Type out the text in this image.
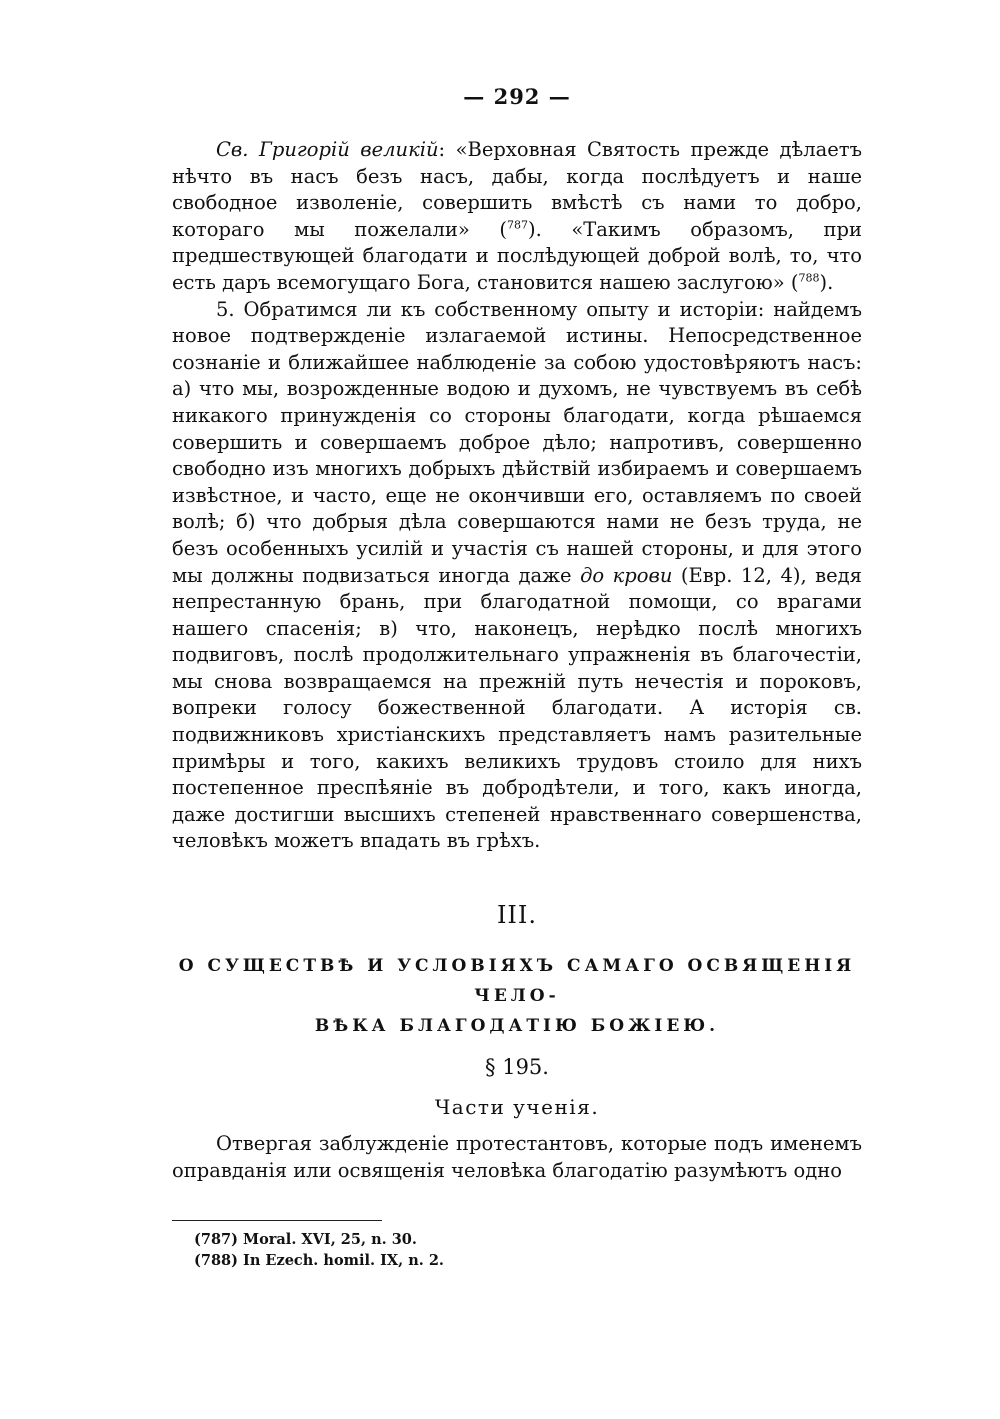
— 292 —

Св. Григорій великій: «Верховная Святость прежде дѣлаетъ нѣчто въ насъ безъ насъ, дабы, когда послѣдуетъ и наше свободное изволеніе, совершить вмѣстѣ съ нами то добро, котораго мы пожелали» ($^{787}$). «Такимъ образомъ, при предшествующей благодати и послѣдующей доброй волѣ, то, что есть даръ всемогущаго Бога, становится нашею заслугою» ($^{788}$).

5. Обратимся ли къ собственному опыту и исторіи: найдемъ новое подтвержденіе излагаемой истины. Непосредственное сознаніе и ближайшее наблюденіе за собою удостовѣряютъ насъ: а) что мы, возрожденные водою и духомъ, не чувствуемъ въ себѣ никакого принужденія со стороны благодати, когда рѣшаемся совершить и совершаемъ доброе дѣло; напротивъ, совершенно свободно изъ многихъ добрыхъ дѣйствій избираемъ и совершаемъ извѣстное, и часто, еще не окончивши его, оставляемъ по своей волѣ; б) что добрыя дѣла совершаются нами не безъ труда, не безъ особенныхъ усилій и участія съ нашей стороны, и для этого мы должны подвизаться иногда даже до крови (Евр. 12, 4), ведя непрестанную брань, при благодатной помощи, со врагами нашего спасенія; в) что, наконецъ, нерѣдко послѣ многихъ подвиговъ, послѣ продолжительнаго упражненія въ благочестіи, мы снова возвращаемся на прежній путь нечестія и пороковъ, вопреки голосу божественной благодати. А исторія св. подвижниковъ христіанскихъ представляетъ намъ разительные примѣры и того, какихъ великихъ трудовъ стоило для нихъ постепенное преспѣяніе въ добродѣтели, и того, какъ иногда, даже достигши высшихъ степеней нравственнаго совершенства, человѣкъ можетъ впадать въ грѣхъ.

III.
О СУЩЕСТВѢ И УСЛОВІЯХЪ САМАГО ОСВЯЩЕНІЯ ЧЕЛО-
ВѢКА БЛАГОДАТІЮ БОЖІЕЮ.
§ 195.
Части ученія.

Отвергая заблужденіе протестантовъ, которые подъ именемъ оправданія или освященія человѣка благодатію разумѣютъ одно

(787) Moral. XVI, 25, n. 30.

(788) In Ezech. homil. IX, n. 2.
